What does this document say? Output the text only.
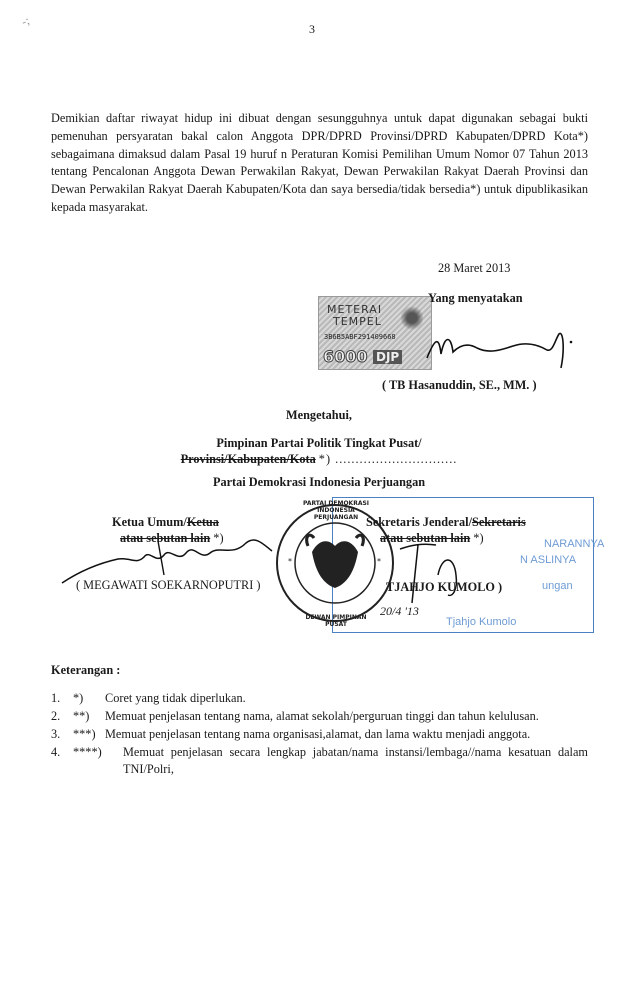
-;
3
Demikian daftar riwayat hidup ini dibuat dengan sesungguhnya untuk dapat digunakan sebagai bukti pemenuhan persyaratan bakal calon Anggota DPR/DPRD Provinsi/DPRD Kabupaten/DPRD Kota*) sebagaimana dimaksud dalam Pasal 19 huruf n Peraturan Komisi Pemilihan Umum Nomor 07 Tahun 2013 tentang Pencalonan Anggota Dewan Perwakilan Rakyat, Dewan Perwakilan Rakyat Daerah Provinsi dan Dewan Perwakilan Rakyat Daerah Kabupaten/Kota dan saya bersedia/tidak bersedia*) untuk dipublikasikan kepada masyarakat.
28 Maret 2013
METERAI
TEMPEL
3B6B5ABF291409668
6000 DJP
Yang menyatakan
( TB Hasanuddin, SE., MM. )
Mengetahui,
Pimpinan Partai Politik Tingkat Pusat/
Provinsi/Kabupaten/Kota *) ..............................
Partai Demokrasi Indonesia Perjuangan
NARANNYA
N ASLINYA
ungan
Tjahjo Kumolo
Ketua Umum/Ketua
atau sebutan lain *)
( MEGAWATI SOEKARNOPUTRI )
*	*
PARTAI DEMOKRASI INDONESIA PERJUANGAN
DEWAN PIMPINAN PUSAT
Sekretaris Jenderal/Sekretaris
atau sebutan lain *)
TJAHJO KUMOLO )
20/4 '13
Keterangan :
1.	*)	Coret yang tidak diperlukan.
2.	**)	Memuat penjelasan tentang nama, alamat sekolah/perguruan tinggi dan tahun kelulusan.
3.	***) Memuat penjelasan tentang nama organisasi,alamat, dan lama waktu menjadi anggota.
4.	****)	Memuat penjelasan secara lengkap jabatan/nama instansi/lembaga//nama kesatuan dalam TNI/Polri,
